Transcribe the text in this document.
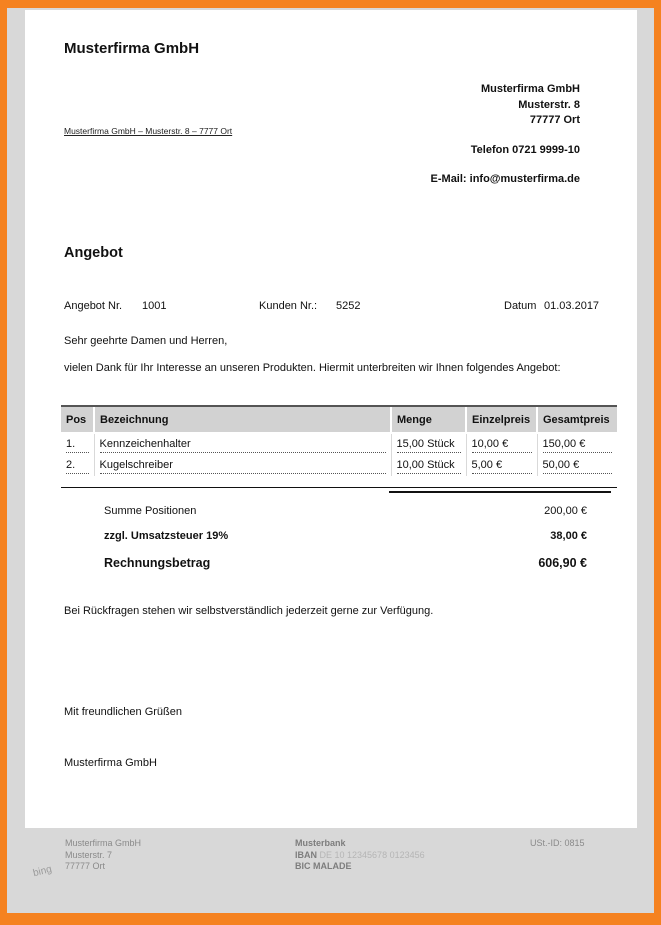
Musterfirma GmbH
Musterfirma GmbH
Musterstr. 8
77777 Ort
Telefon 0721 9999-10
E-Mail: info@musterfirma.de
Musterfirma GmbH – Musterstr. 8 – 7777 Ort
Angebot
Angebot Nr. 1001	Kunden Nr.: 5252	Datum 01.03.2017
Sehr geehrte Damen und Herren,
vielen Dank für Ihr Interesse an unseren Produkten. Hiermit unterbreiten wir Ihnen folgendes Angebot:
Pos	Bezeichnung	Menge	Einzelpreis	Gesamtpreis

1.	Kennzeichenhalter	15,00 Stück	10,00 €	150,00 €

2.	Kugelschreiber	10,00 Stück	5,00 €	50,00 €
Summe Positionen	200,00 €
zzgl. Umsatzsteuer 19%	38,00 €
Rechnungsbetrag	606,90 €
Bei Rückfragen stehen wir selbstverständlich jederzeit gerne zur Verfügung.
Mit freundlichen Grüßen
Musterfirma GmbH
Musterfirma GmbH
Musterstr. 7
77777 Ort
Musterbank
IBAN DE 10 12345678 0123456
BIC MALADE
USt.-ID: 0815
bing
